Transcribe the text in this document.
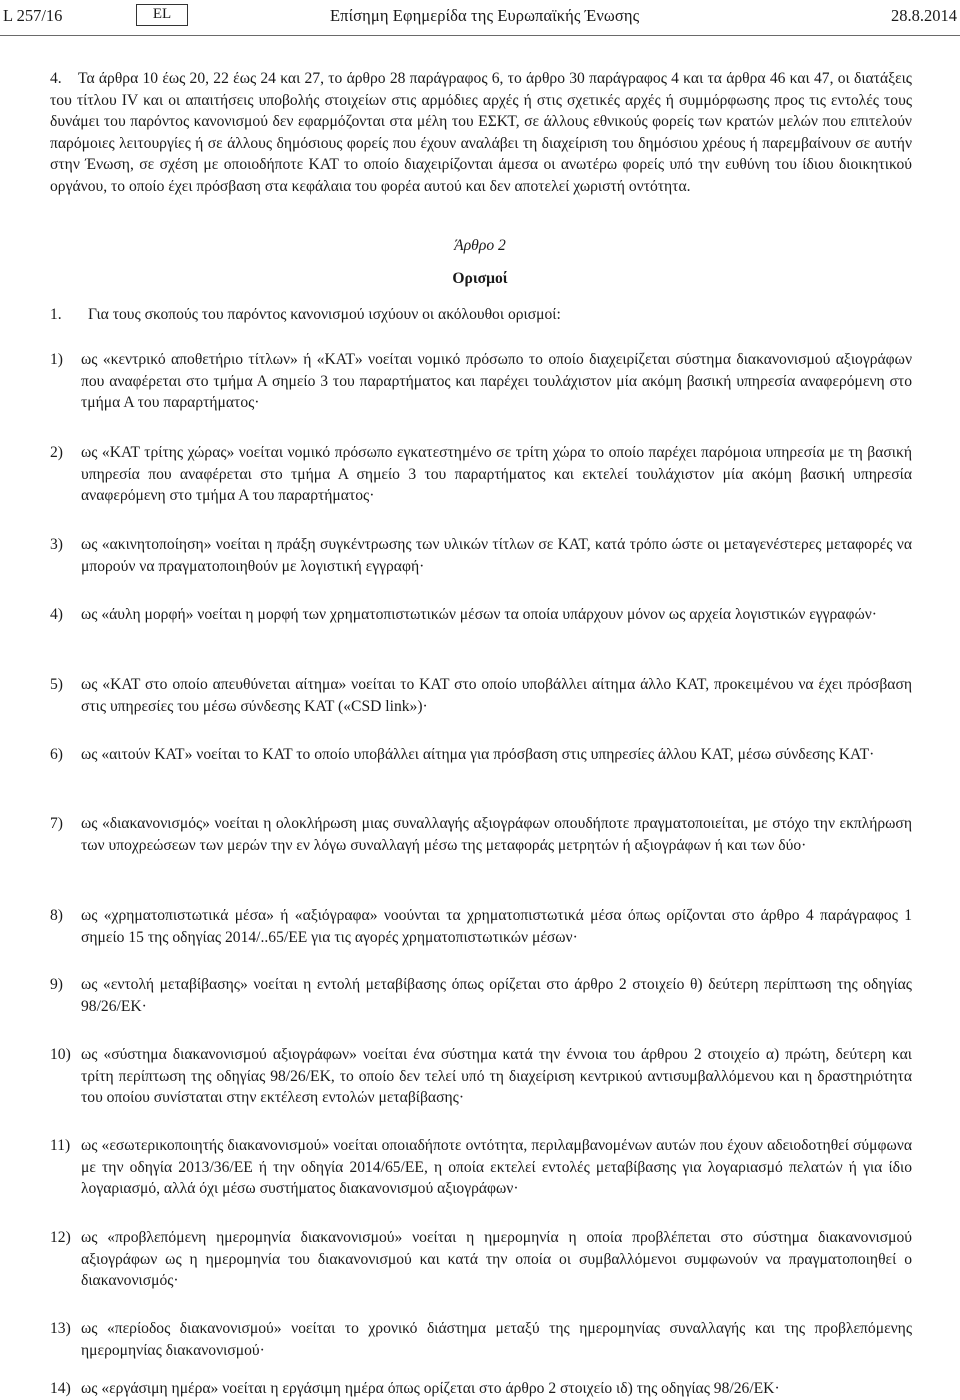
L 257/16	EL	Επίσημη Εφημερίδα της Ευρωπαϊκής Ένωσης	28.8.2014

4. Τα άρθρα 10 έως 20, 22 έως 24 και 27, το άρθρο 28 παράγραφος 6, το άρθρο 30 παράγραφος 4 και τα άρθρα 46 και 47, οι διατάξεις του τίτλου IV και οι απαιτήσεις υποβολής στοιχείων στις αρμόδιες αρχές ή στις σχετικές αρχές ή συμμόρφωσης προς τις εντολές τους δυνάμει του παρόντος κανονισμού δεν εφαρμόζονται στα μέλη του ΕΣΚΤ, σε άλλους εθνικούς φορείς των κρατών μελών που επιτελούν παρόμοιες λειτουργίες ή σε άλλους δημόσιους φορείς που έχουν αναλάβει τη διαχείριση του δημόσιου χρέους ή παρεμβαίνουν σε αυτήν στην Ένωση, σε σχέση με οποιοδήποτε ΚΑΤ το οποίο διαχειρίζονται άμεσα οι ανωτέρω φορείς υπό την ευθύνη του ίδιου διοικητικού οργάνου, το οποίο έχει πρόσβαση στα κεφάλαια του φορέα αυτού και δεν αποτελεί χωριστή οντότητα.

Άρθρο 2

Ορισμοί

1. Για τους σκοπούς του παρόντος κανονισμού ισχύουν οι ακόλουθοι ορισμοί:

1)	ως «κεντρικό αποθετήριο τίτλων» ή «ΚΑΤ» νοείται νομικό πρόσωπο το οποίο διαχειρίζεται σύστημα διακανονισμού αξιογράφων που αναφέρεται στο τμήμα Α σημείο 3 του παραρτήματος και παρέχει τουλάχιστον μία ακόμη βασική υπηρεσία αναφερόμενη στο τμήμα Α του παραρτήματος·
2)	ως «ΚΑΤ τρίτης χώρας» νοείται νομικό πρόσωπο εγκατεστημένο σε τρίτη χώρα το οποίο παρέχει παρόμοια υπηρεσία με τη βασική υπηρεσία που αναφέρεται στο τμήμα Α σημείο 3 του παραρτήματος και εκτελεί τουλάχιστον μία ακόμη βασική υπηρεσία αναφερόμενη στο τμήμα Α του παραρτήματος·
3)	ως «ακινητοποίηση» νοείται η πράξη συγκέντρωσης των υλικών τίτλων σε ΚΑΤ, κατά τρόπο ώστε οι μεταγενέστερες μεταφορές να μπορούν να πραγματοποιηθούν με λογιστική εγγραφή·
4)	ως «άυλη μορφή» νοείται η μορφή των χρηματοπιστωτικών μέσων τα οποία υπάρχουν μόνον ως αρχεία λογιστικών εγγραφών·
5)	ως «ΚΑΤ στο οποίο απευθύνεται αίτημα» νοείται το ΚΑΤ στο οποίο υποβάλλει αίτημα άλλο ΚΑΤ, προκειμένου να έχει πρόσβαση στις υπηρεσίες του μέσω σύνδεσης ΚΑΤ («CSD link»)·
6)	ως «αιτούν ΚΑΤ» νοείται το ΚΑΤ το οποίο υποβάλλει αίτημα για πρόσβαση στις υπηρεσίες άλλου ΚΑΤ, μέσω σύνδεσης ΚΑΤ·
7)	ως «διακανονισμός» νοείται η ολοκλήρωση μιας συναλλαγής αξιογράφων οπουδήποτε πραγματοποιείται, με στόχο την εκπλήρωση των υποχρεώσεων των μερών την εν λόγω συναλλαγή μέσω της μεταφοράς μετρητών ή αξιογράφων ή και των δύο·
8)	ως «χρηματοπιστωτικά μέσα» ή «αξιόγραφα» νοούνται τα χρηματοπιστωτικά μέσα όπως ορίζονται στο άρθρο 4 παράγραφος 1 σημείο 15 της οδηγίας 2014/..65/ΕΕ για τις αγορές χρηματοπιστωτικών μέσων·
9)	ως «εντολή μεταβίβασης» νοείται η εντολή μεταβίβασης όπως ορίζεται στο άρθρο 2 στοιχείο θ) δεύτερη περίπτωση της οδηγίας 98/26/ΕΚ·
10) ως «σύστημα διακανονισμού αξιογράφων» νοείται ένα σύστημα κατά την έννοια του άρθρου 2 στοιχείο α) πρώτη, δεύτερη και τρίτη περίπτωση της οδηγίας 98/26/ΕΚ, το οποίο δεν τελεί υπό τη διαχείριση κεντρικού αντισυμβαλλόμενου και η δραστηριότητα του οποίου συνίσταται στην εκτέλεση εντολών μεταβίβασης·
11) ως «εσωτερικοποιητής διακανονισμού» νοείται οποιαδήποτε οντότητα, περιλαμβανομένων αυτών που έχουν αδειοδοτηθεί σύμφωνα με την οδηγία 2013/36/ΕΕ ή την οδηγία 2014/65/ΕΕ, η οποία εκτελεί εντολές μεταβίβασης για λογαριασμό πελατών ή για ίδιο λογαριασμό, αλλά όχι μέσω συστήματος διακανονισμού αξιογράφων·
12) ως «προβλεπόμενη ημερομηνία διακανονισμού» νοείται η ημερομηνία η οποία προβλέπεται στο σύστημα διακανονισμού αξιογράφων ως η ημερομηνία του διακανονισμού και κατά την οποία οι συμβαλλόμενοι συμφωνούν να πραγματοποιηθεί ο διακανονισμός·
13) ως «περίοδος διακανονισμού» νοείται το χρονικό διάστημα μεταξύ της ημερομηνίας συναλλαγής και της προβλεπόμενης ημερομηνίας διακανονισμού·
14) ως «εργάσιμη ημέρα» νοείται η εργάσιμη ημέρα όπως ορίζεται στο άρθρο 2 στοιχείο ιδ) της οδηγίας 98/26/ΕΚ·
